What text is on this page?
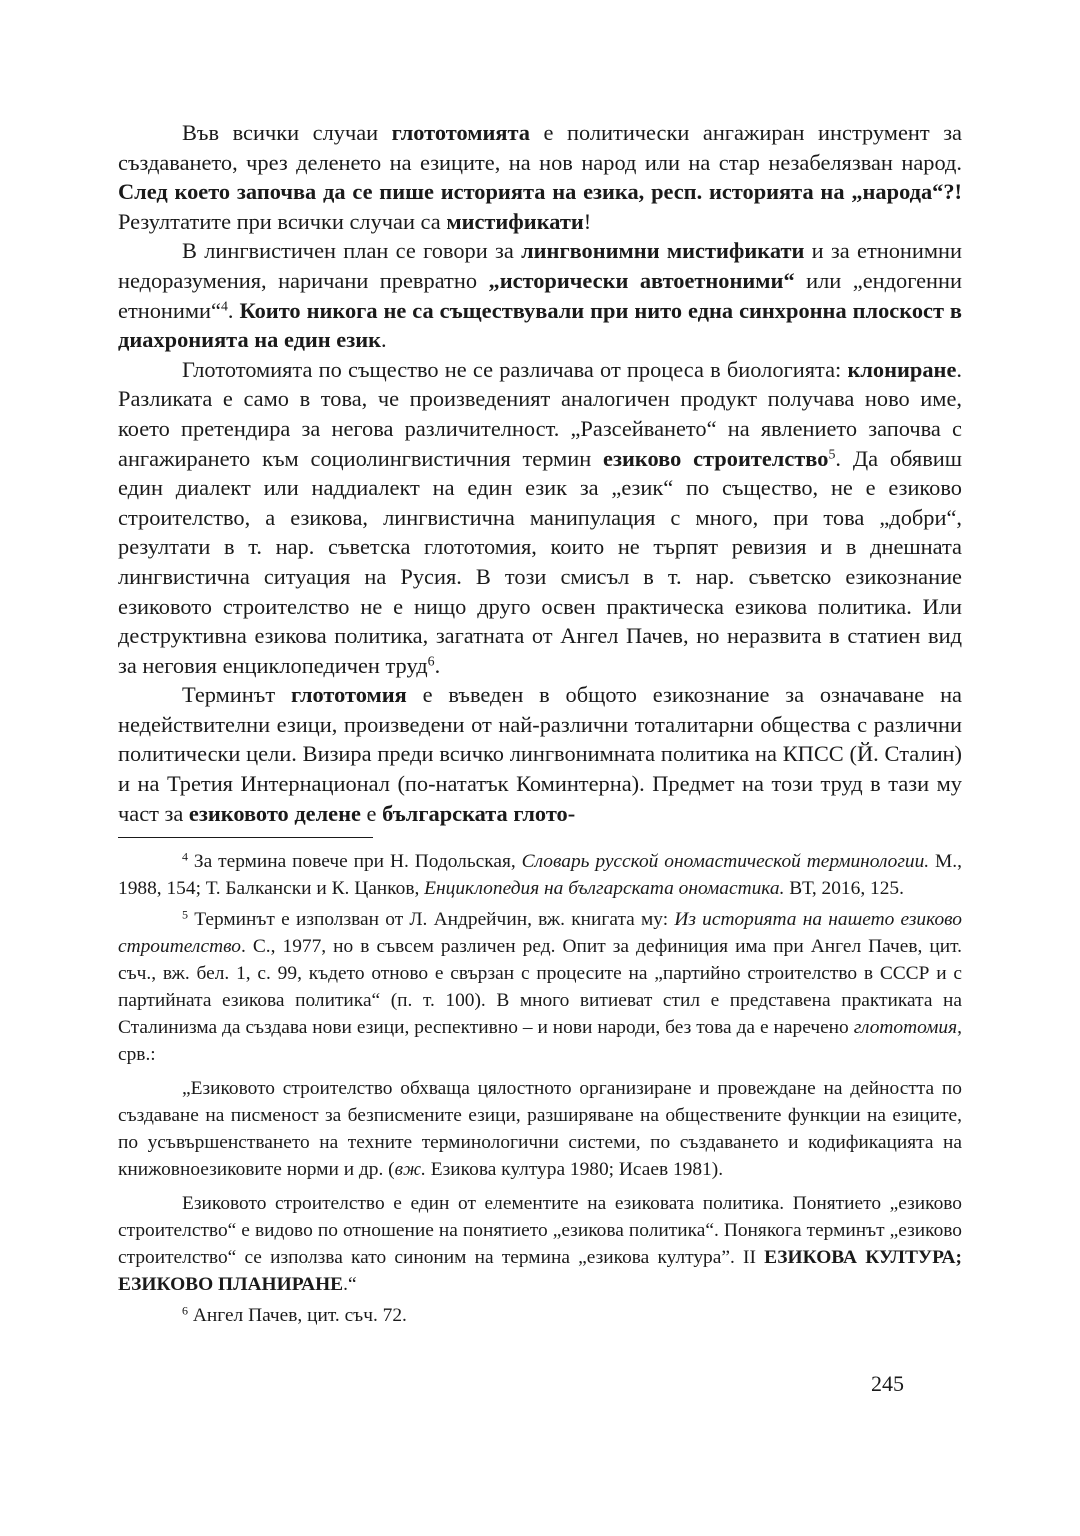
Във всички случаи глототомията е политически ангажиран инструмент за създаването, чрез деленето на езиците, на нов народ или на стар незабелязван народ. След което започва да се пише историята на езика, респ. историята на „народа“?! Резултатите при всички случаи са мистификати!

В лингвистичен план се говори за лингвонимни мистификати и за етнонимни недоразумения, наричани превратно „исторически автоетноними“ или „ендогенни етноними“$^4$. Които никога не са съществували при нито една синхронна плоскост в диахронията на един език.

Глототомията по същество не се различава от процеса в биологията: клониране. Разликата е само в това, че произведеният аналогичен продукт получава ново име, което претендира за негова различителност. „Разсейването“ на явлението започва с ангажирането към социолингвистичния термин езиково строителство$^5$. Да обявиш един диалект или наддиалект на един език за „език“ по същество, не е езиково строителство, а езикова, лингвистична манипулация с много, при това „добри“, резултати в т. нар. съветска глототомия, които не търпят ревизия и в днешната лингвистична ситуация на Русия. В този смисъл в т. нар. съветско езикознание езиковото строителство не е нищо друго освен практическа езикова политика. Или деструктивна езикова политика, загатната от Ангел Пачев, но неразвита в статиен вид за неговия енциклопедичен труд$^6$.

Терминът глототомия е въведен в общото езикознание за означаване на недействителни езици, произведени от най-различни тоталитарни общества с различни политически цели. Визира преди всичко лингвонимната политика на КПСС (Й. Сталин) и на Третия Интернационал (по-нататък Коминтерна). Предмет на този труд в тази му част за езиковото делене е българската глото-

$^4$ За термина повече при Н. Подольская, Словарь русской ономастической терминологии. М., 1988, 154; Т. Балкански и К. Цанков, Енциклопедия на българската ономастика. ВТ, 2016, 125.

$^5$ Терминът е използван от Л. Андрейчин, вж. книгата му: Из историята на нашето езиково строителство. С., 1977, но в съвсем различен ред. Опит за дефиниция има при Ангел Пачев, цит. съч., вж. бел. 1, с. 99, където отново е свързан с процесите на „партийно строителство в СССР и с партийната езикова политика“ (п. т. 100). В много витиеват стил е представена практиката на Сталинизма да създава нови езици, респективно – и нови народи, без това да е наречено глототомия, срв.:

„Езиковото строителство обхваща цялостното организиране и провеждане на дейността по създаване на писменост за безписмените езици, разширяване на обществените функции на езиците, по усъвършенстването на техните терминологични системи, по създаването и кодификацията на книжовноезиковите норми и др. (вж. Езикова култура 1980; Исаев 1981).

Езиковото строителство е един от елементите на езиковата политика. Понятието „езиково строителство“ е видово по отношение на понятието „езикова политика“. Понякога терминът „езиково строителство“ се използва като синоним на термина „езикова култура”. II ЕЗИКОВА КУЛТУРА; ЕЗИКОВО ПЛАНИРАНЕ.“

$^6$ Ангел Пачев, цит. съч. 72.

245
